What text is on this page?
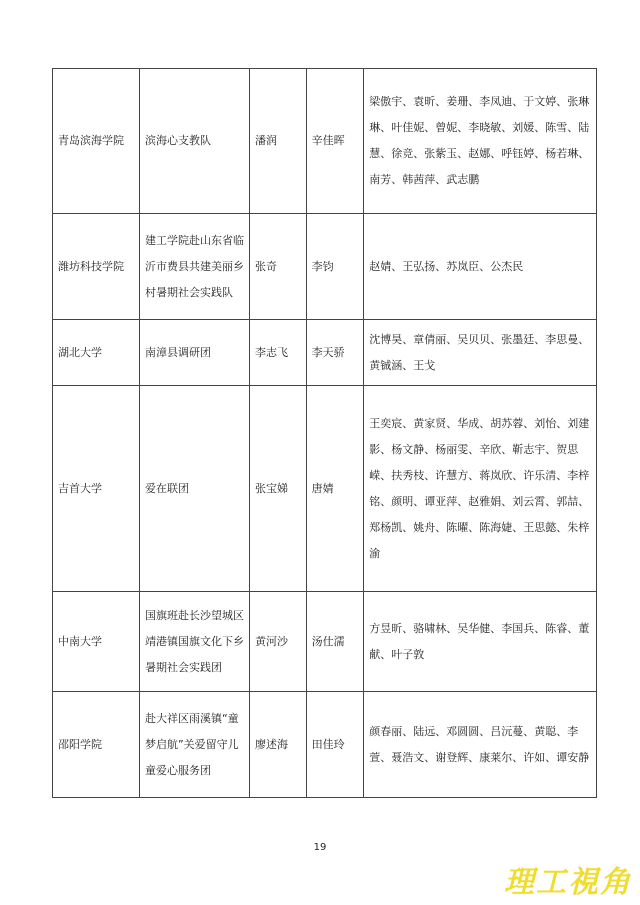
青岛滨海学院	滨海心支教队	潘润	辛佳晖	梁傲宇、袁昕、姜珊、李凤迪、于文婷、张琳琳、叶佳妮、曾妮、李晓敏、刘媛、陈雪、陆慧、徐竞、张紫玉、赵娜、呼钰婷、杨若琳、南芳、韩茜萍、武志鹏
潍坊科技学院	建工学院赴山东省临沂市费县共建美丽乡村暑期社会实践队	张奇	李钧	赵婧、王弘扬、苏岚臣、公杰民
湖北大学	南漳县调研团	李志飞	李天骄	沈博昊、章倩丽、吴贝贝、张墨廷、李思曼、黄铖涵、王戈
吉首大学	爱在联团	张宝娣	唐婧	王奕宸、黄家贤、华成、胡苏蓉、刘怡、刘建影、杨文静、杨丽雯、辛欣、靳志宇、贺思嵘、扶秀枝、许慧方、蒋岚欣、许乐清、李梓铭、颜明、谭亚萍、赵雅娟、刘云霄、郭喆、郑杨凯、姚舟、陈曜、陈海婕、王思懿、朱梓渝
中南大学	国旗班赴长沙望城区靖港镇国旗文化下乡暑期社会实践团	黄河沙	汤仕濡	方昱昕、骆啸林、吴华健、李国兵、陈睿、董献、叶子敦
邵阳学院	赴大祥区雨溪镇“童梦启航”关爱留守儿童爱心服务团	廖述海	田佳玲	颜春丽、陆远、邓圆圆、吕沅蔓、黄聪、李萱、聂浩文、谢登辉、康莱尔、许如、谭安静
19
理工視角
